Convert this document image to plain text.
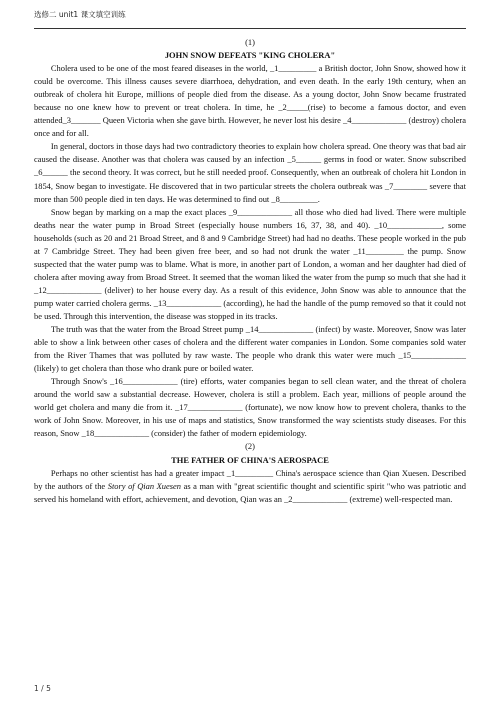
选修二 unit1 课文填空训练
(1)
JOHN SNOW DEFEATS "KING CHOLERA"

Cholera used to be one of the most feared diseases in the world, _1_________ a British doctor, John Snow, showed how it could be overcome. This illness causes severe diarrhoea, dehydration, and even death. In the early 19th century, when an outbreak of cholera hit Europe, millions of people died from the disease. As a young doctor, John Snow became frustrated because no one knew how to prevent or treat cholera. In time, he _2_____(rise) to become a famous doctor, and even attended_3_______ Queen Victoria when she gave birth. However, he never lost his desire _4_____________ (destroy) cholera once and for all.

In general, doctors in those days had two contradictory theories to explain how cholera spread. One theory was that bad air caused the disease. Another was that cholera was caused by an infection _5______ germs in food or water. Snow subscribed _6______ the second theory. It was correct, but he still needed proof. Consequently, when an outbreak of cholera hit London in 1854, Snow began to investigate. He discovered that in two particular streets the cholera outbreak was _7________ severe that more than 500 people died in ten days. He was determined to find out _8_________.

Snow began by marking on a map the exact places _9_____________ all those who died had lived. There were multiple deaths near the water pump in Broad Street (especially house numbers 16, 37, 38, and 40). _10_____________, some households (such as 20 and 21 Broad Street, and 8 and 9 Cambridge Street) had had no deaths. These people worked in the pub at 7 Cambridge Street. They had been given free beer, and so had not drunk the water _11_________ the pump. Snow suspected that the water pump was to blame. What is more, in another part of London, a woman and her daughter had died of cholera after moving away from Broad Street. It seemed that the woman liked the water from the pump so much that she had it _12_____________ (deliver) to her house every day. As a result of this evidence, John Snow was able to announce that the pump water carried cholera germs. _13_____________ (according), he had the handle of the pump removed so that it could not be used. Through this intervention, the disease was stopped in its tracks.

The truth was that the water from the Broad Street pump _14_____________ (infect) by waste. Moreover, Snow was later able to show a link between other cases of cholera and the different water companies in London. Some companies sold water from the River Thames that was polluted by raw waste. The people who drank this water were much _15_____________ (likely) to get cholera than those who drank pure or boiled water.

Through Snow's _16_____________ (tire) efforts, water companies began to sell clean water, and the threat of cholera around the world saw a substantial decrease. However, cholera is still a problem. Each year, millions of people around the world get cholera and many die from it. _17_____________ (fortunate), we now know how to prevent cholera, thanks to the work of John Snow. Moreover, in his use of maps and statistics, Snow transformed the way scientists study diseases. For this reason, Snow _18_____________ (consider) the father of modern epidemiology.

(2)
THE FATHER OF CHINA'S AEROSPACE

Perhaps no other scientist has had a greater impact _1_________ China's aerospace science than Qian Xuesen. Described by the authors of the Story of Qian Xuesen as a man with "great scientific thought and scientific spirit "who was patriotic and served his homeland with effort, achievement, and devotion, Qian was an _2_____________ (extreme) well-respected man.

1 / 5
